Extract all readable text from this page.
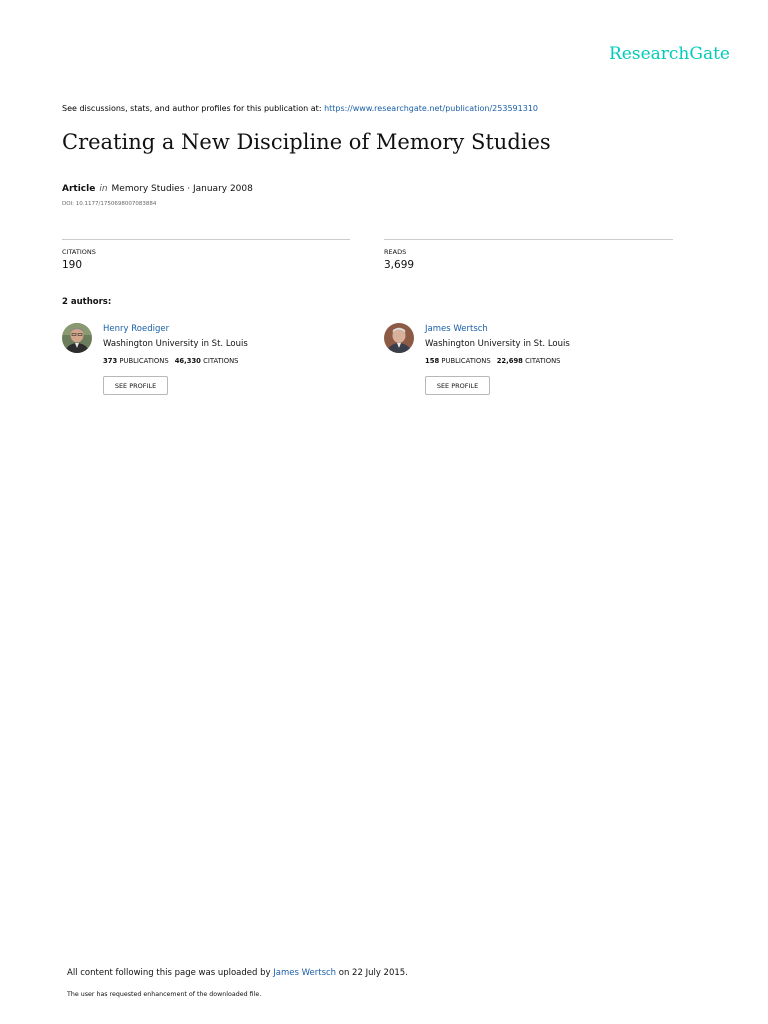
ResearchGate
See discussions, stats, and author profiles for this publication at: https://www.researchgate.net/publication/253591310
Creating a New Discipline of Memory Studies
Article in Memory Studies · January 2008
DOI: 10.1177/1750698007083884
CITATIONS
190
READS
3,699
2 authors:
Henry Roediger
Washington University in St. Louis
373 PUBLICATIONS 46,330 CITATIONS
SEE PROFILE
James Wertsch
Washington University in St. Louis
158 PUBLICATIONS 22,698 CITATIONS
SEE PROFILE
All content following this page was uploaded by James Wertsch on 22 July 2015.
The user has requested enhancement of the downloaded file.
